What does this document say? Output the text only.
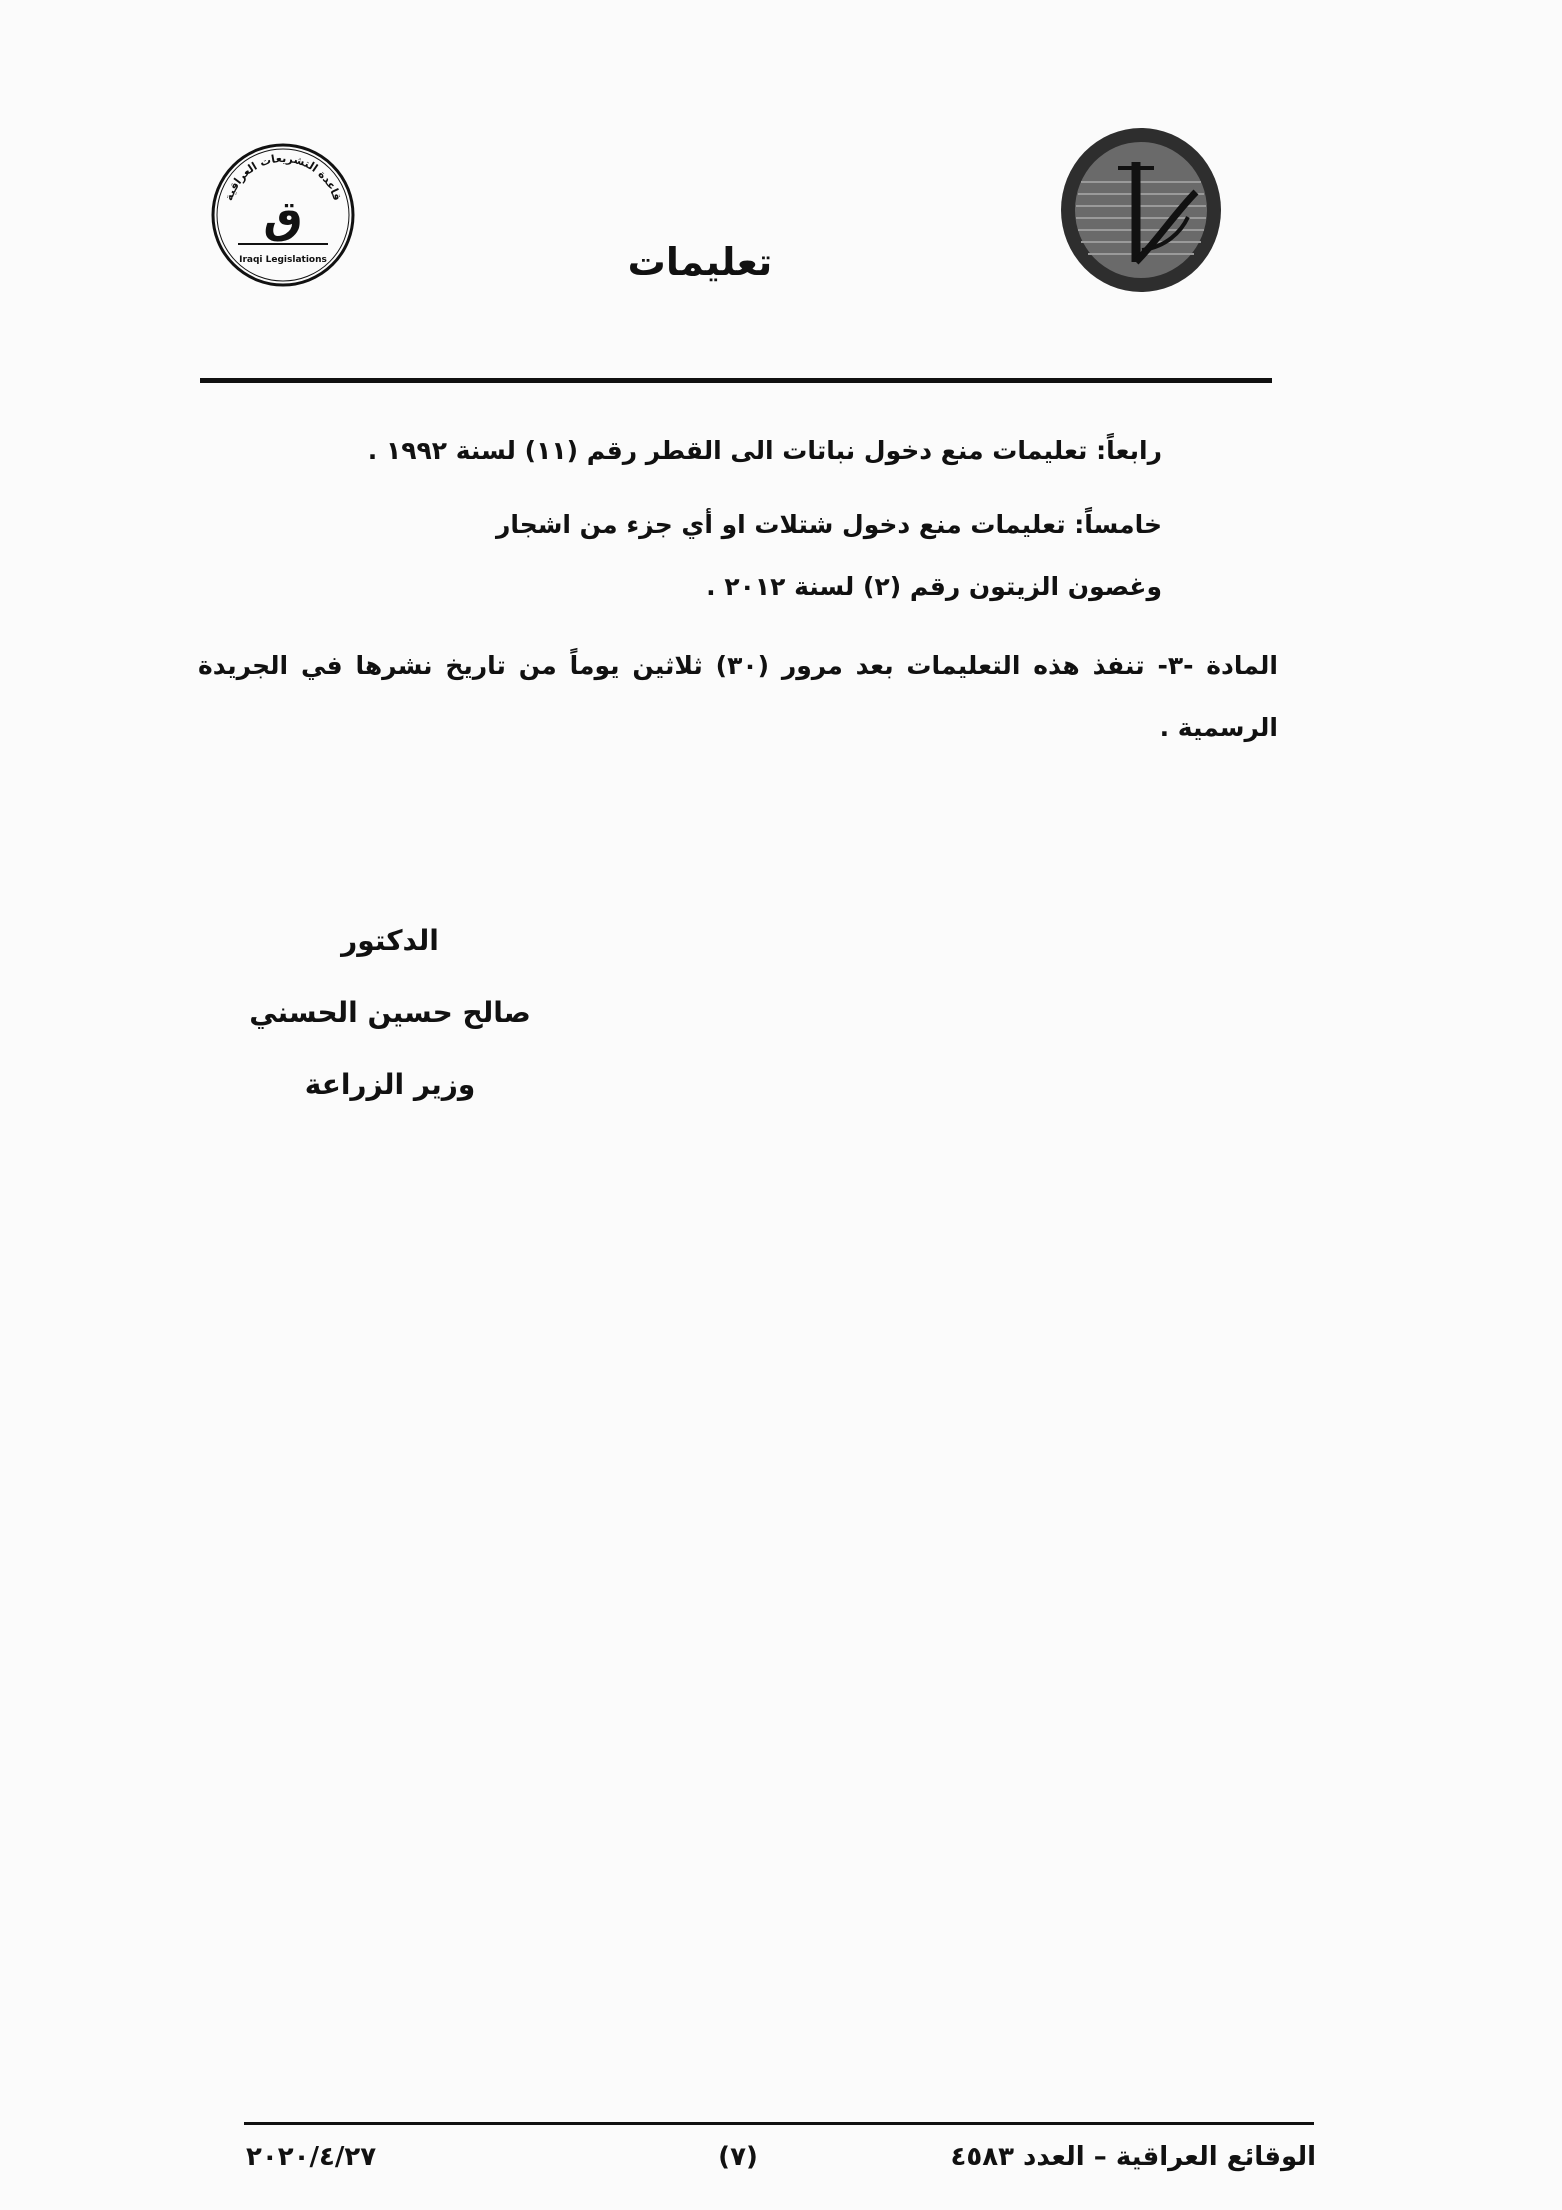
قاعدة التشريعات العراقية
ق
Iraqi Legislations	تعليمات

رابعاً: تعليمات منع دخول نباتات الى القطر رقم (١١) لسنة ١٩٩٢ .

خامساً: تعليمات منع دخول شتلات او أي جزء من اشجار وغصون الزيتون رقم (٢) لسنة ٢٠١٢ .

المادة -٣- تنفذ هذه التعليمات بعد مرور (٣٠) ثلاثين يوماً من تاريخ نشرها في الجريدة الرسمية .

الدكتور
صالح حسين الحسني
وزير الزراعة
الوقائع العراقية – العدد ٤٥٨٣
(٧)
٢٠٢٠/٤/٢٧
